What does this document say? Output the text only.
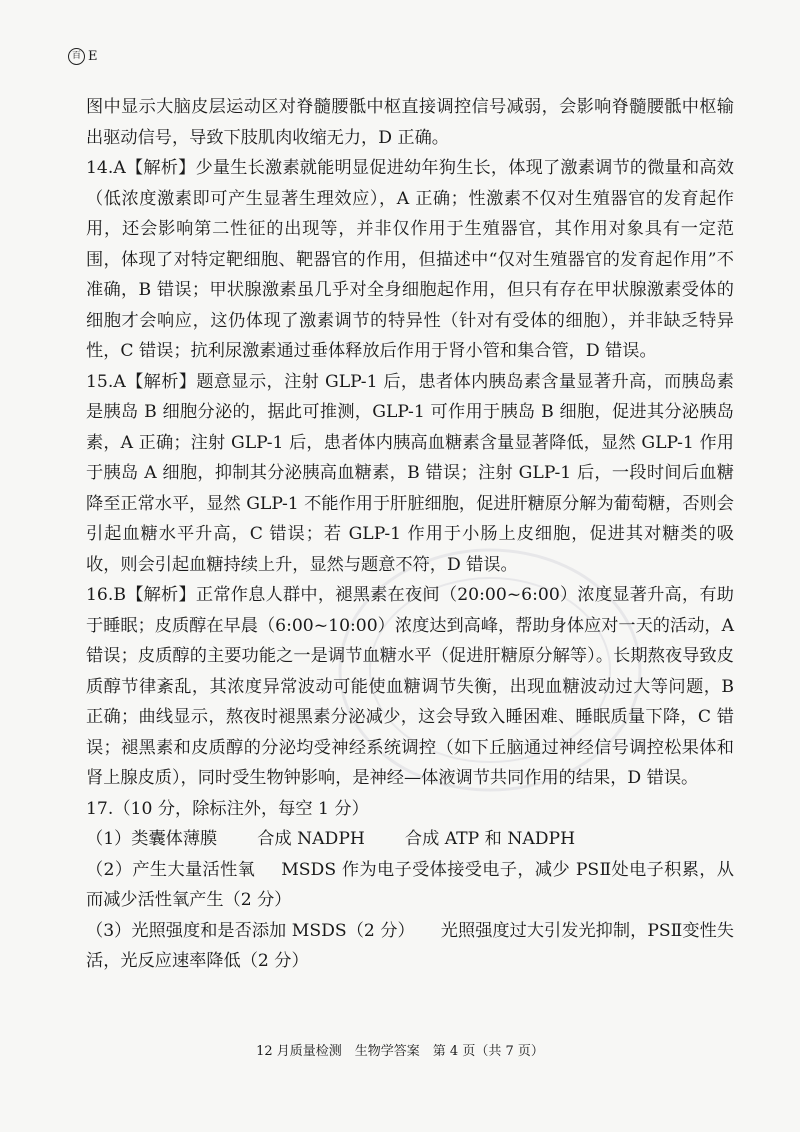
百 E

图中显示大脑皮层运动区对脊髓腰骶中枢直接调控信号减弱，会影响脊髓腰骶中枢输出驱动信号，导致下肢肌肉收缩无力，D 正确。

14.A【解析】少量生长激素就能明显促进幼年狗生长，体现了激素调节的微量和高效（低浓度激素即可产生显著生理效应），A 正确；性激素不仅对生殖器官的发育起作用，还会影响第二性征的出现等，并非仅作用于生殖器官，其作用对象具有一定范围，体现了对特定靶细胞、靶器官的作用，但描述中“仅对生殖器官的发育起作用”不准确，B 错误；甲状腺激素虽几乎对全身细胞起作用，但只有存在甲状腺激素受体的细胞才会响应，这仍体现了激素调节的特异性（针对有受体的细胞），并非缺乏特异性，C 错误；抗利尿激素通过垂体释放后作用于肾小管和集合管，D 错误。

15.A【解析】题意显示，注射 GLP-1 后，患者体内胰岛素含量显著升高，而胰岛素是胰岛 B 细胞分泌的，据此可推测，GLP-1 可作用于胰岛 B 细胞，促进其分泌胰岛素，A 正确；注射 GLP-1 后，患者体内胰高血糖素含量显著降低，显然 GLP-1 作用于胰岛 A 细胞，抑制其分泌胰高血糖素，B 错误；注射 GLP-1 后，一段时间后血糖降至正常水平，显然 GLP-1 不能作用于肝脏细胞，促进肝糖原分解为葡萄糖，否则会引起血糖水平升高，C 错误；若 GLP-1 作用于小肠上皮细胞，促进其对糖类的吸收，则会引起血糖持续上升，显然与题意不符，D 错误。

16.B【解析】正常作息人群中，褪黑素在夜间（20:00~6:00）浓度显著升高，有助于睡眠；皮质醇在早晨（6:00~10:00）浓度达到高峰，帮助身体应对一天的活动，A 错误；皮质醇的主要功能之一是调节血糖水平（促进肝糖原分解等）。长期熬夜导致皮质醇节律紊乱，其浓度异常波动可能使血糖调节失衡，出现血糖波动过大等问题，B 正确；曲线显示，熬夜时褪黑素分泌减少，这会导致入睡困难、睡眠质量下降，C 错误；褪黑素和皮质醇的分泌均受神经系统调控（如下丘脑通过神经信号调控松果体和肾上腺皮质），同时受生物钟影响，是神经—体液调节共同作用的结果，D 错误。

17.（10 分，除标注外，每空 1 分）

（1）类囊体薄膜 合成 NADPH 合成 ATP 和 NADPH

（2）产生大量活性氧 MSDS 作为电子受体接受电子，减少 PSⅡ处电子积累，从而减少活性氧产生（2 分）

（3）光照强度和是否添加 MSDS（2 分） 光照强度过大引发光抑制，PSⅡ变性失活，光反应速率降低（2 分）

12 月质量检测　生物学答案　第 4 页（共 7 页）
